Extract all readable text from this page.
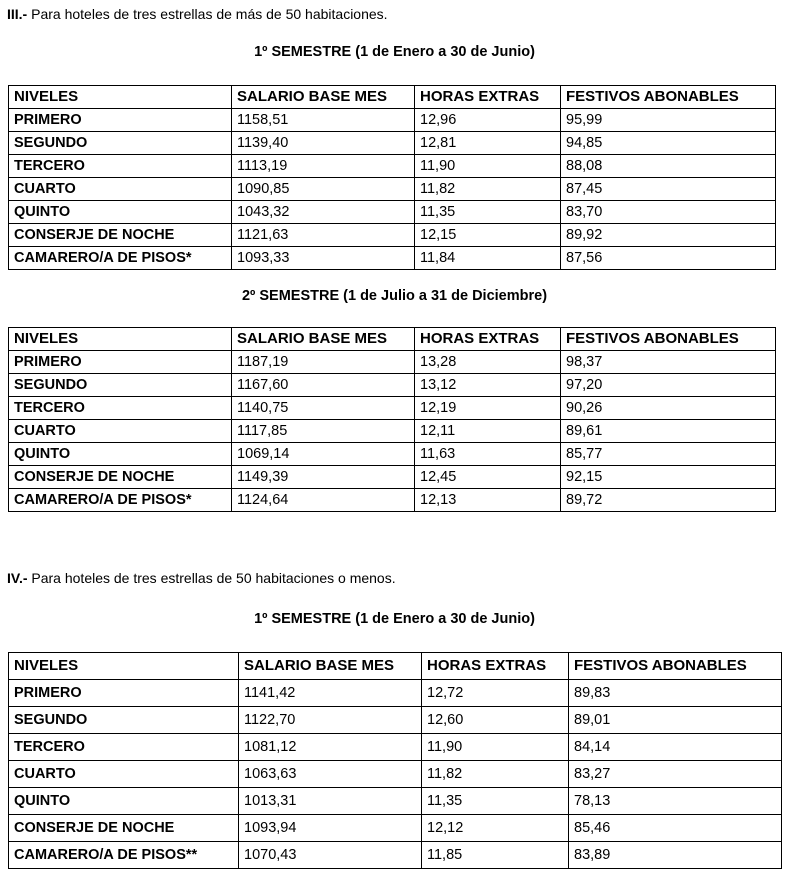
III.- Para hoteles de tres estrellas de más de 50 habitaciones.
1º SEMESTRE (1 de Enero a 30 de Junio)
NIVELES	SALARIO BASE MES	HORAS EXTRAS	FESTIVOS ABONABLES
PRIMERO	1158,51	12,96	95,99
SEGUNDO	1139,40	12,81	94,85
TERCERO	1113,19	11,90	88,08
CUARTO	1090,85	11,82	87,45
QUINTO	1043,32	11,35	83,70
CONSERJE DE NOCHE	1121,63	12,15	89,92
CAMARERO/A DE PISOS*	1093,33	11,84	87,56
2º SEMESTRE (1 de Julio a 31 de Diciembre)
NIVELES	SALARIO BASE MES	HORAS EXTRAS	FESTIVOS ABONABLES
PRIMERO	1187,19	13,28	98,37
SEGUNDO	1167,60	13,12	97,20
TERCERO	1140,75	12,19	90,26
CUARTO	1117,85	12,11	89,61
QUINTO	1069,14	11,63	85,77
CONSERJE DE NOCHE	1149,39	12,45	92,15
CAMARERO/A DE PISOS*	1124,64	12,13	89,72
IV.- Para hoteles de tres estrellas de 50 habitaciones o menos.
1º SEMESTRE (1 de Enero a 30 de Junio)
NIVELES	SALARIO BASE MES	HORAS EXTRAS	FESTIVOS ABONABLES
PRIMERO	1141,42	12,72	89,83
SEGUNDO	1122,70	12,60	89,01
TERCERO	1081,12	11,90	84,14
CUARTO	1063,63	11,82	83,27
QUINTO	1013,31	11,35	78,13
CONSERJE DE NOCHE	1093,94	12,12	85,46
CAMARERO/A DE PISOS**	1070,43	11,85	83,89
